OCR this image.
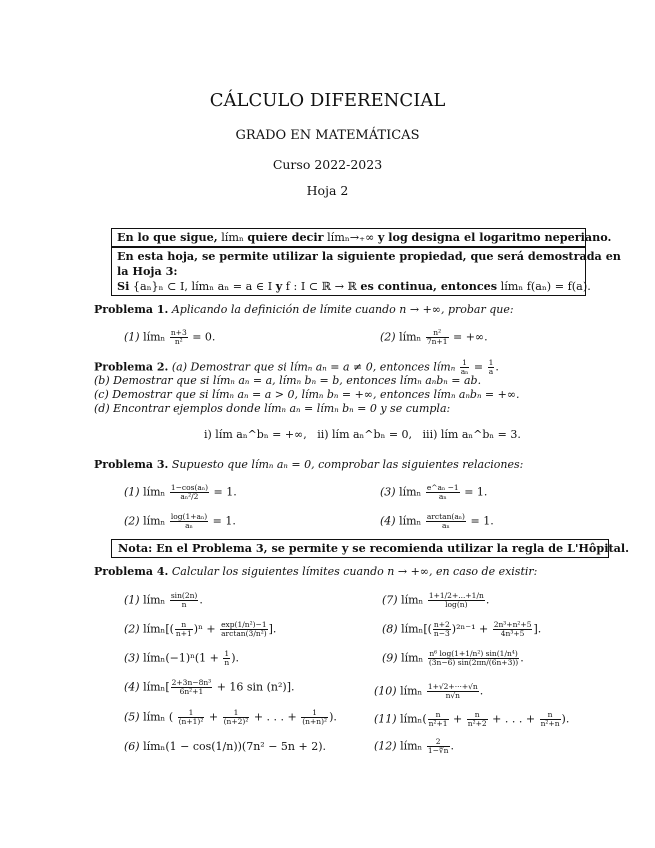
CÁLCULO DIFERENCIAL
GRADO EN MATEMÁTICAS
Curso 2022-2023
Hoja 2
En lo que sigue, límₙ quiere decir límₙ→₊∞ y log designa el logaritmo neperiano.
En esta hoja, se permite utilizar la siguiente propiedad, que será demostrada en
la Hoja 3:
Si {aₙ}ₙ ⊂ I, límₙ aₙ = a ∈ I y f : I ⊂ ℝ → ℝ es continua, entonces límₙ f(aₙ) = f(a).
Problema 1. Aplicando la definición de límite cuando n → +∞, probar que:
(1) límₙ $\frac{n+3}{\text{n²}} = 0$.	(2) límₙ $\frac{\text{n²}}{7n+1}$ = +∞.
Problema 2. (a) Demostrar que si límₙ aₙ = a ≠ 0, entonces límₙ $\frac{1}{\text{aₙ}} = \frac{1}{a}$ .
(b) Demostrar que si límₙ aₙ = a, límₙ bₙ = b, entonces límₙ aₙbₙ = ab.
(c) Demostrar que si límₙ aₙ = a > 0, límₙ bₙ = +∞, entonces límₙ aₙbₙ = +∞.
(d) Encontrar ejemplos donde límₙ aₙ = límₙ bₙ = 0 y se cumpla:
i) lím aₙ^bₙ = +∞, ii) lím aₙ^bₙ = 0, iii) lím aₙ^bₙ = 3.
Problema 3. Supuesto que límₙ aₙ = 0, comprobar las siguientes relaciones:
(1) límₙ $\frac{\text{1−cos(aₙ)}}{\text{aₙ²/2}} = 1$.	(3) límₙ $\frac{\text{e\textasciicircum{}aₙ −1}}{\text{aₙ}} = 1$.
(2) límₙ $\frac{\text{log(1+aₙ)}}{\text{aₙ}} = 1$.	(4) límₙ $\frac{\text{arctan(aₙ)}}{\text{aₙ}} = 1$.
Nota: En el Problema 3, se permite y se recomienda utilizar la regla de L'Hôpital.
Problema 4. Calcular los siguientes límites cuando n → +∞, en caso de existir:
(1) límₙ $\frac{\sin(2n)}{n}$ .
(2) límₙ[( $\frac{n}{n+1} )^n + \frac{\text{exp(1/n²)−1}}{\text{arctan(3/n²)}}$ ].
(3) límₙ(−1)ⁿ(1 + $\frac{1}{n}$ ).
(4) límₙ[ $\frac{\text{2+3n−8n³}}{\text{6n²+1}} + 16$ sin (n²)].
(5) límₙ ( $\frac{1}{\text{(n+1)²}} + \frac{1}{\text{(n+2)²}}$ + . . . + $\frac{1}{\text{(n+n)²}}$ ).
(6) límₙ(1 − cos(1/n))(7n² − 5n + 2).
(7) límₙ $\frac{1+1/2+...+1/n}{\log(n)}$ .
(8) límₙ[( $\frac{n+2}{n-3} )^{2n-1} + \frac{\text{2n³+n²+5}}{\text{4n³+5}}$ ].
(9) límₙ $\frac{\text{n⁶ log(1+1/n²) sin(1/n⁴)}}{(3n-6) \sin(2\pi n/(6n+3))}$ .
(10) límₙ $\frac{1+√2+\cdot\cdot\cdot+√n}{n√n}$ .
(11) límₙ( $\frac{n}{\text{n²+1}} + \frac{n}{\text{n²+2}}$ + . . . + $\frac{n}{\text{n²+n}}$ ).
(12) límₙ $\frac{2}{1-∜n}$ .
